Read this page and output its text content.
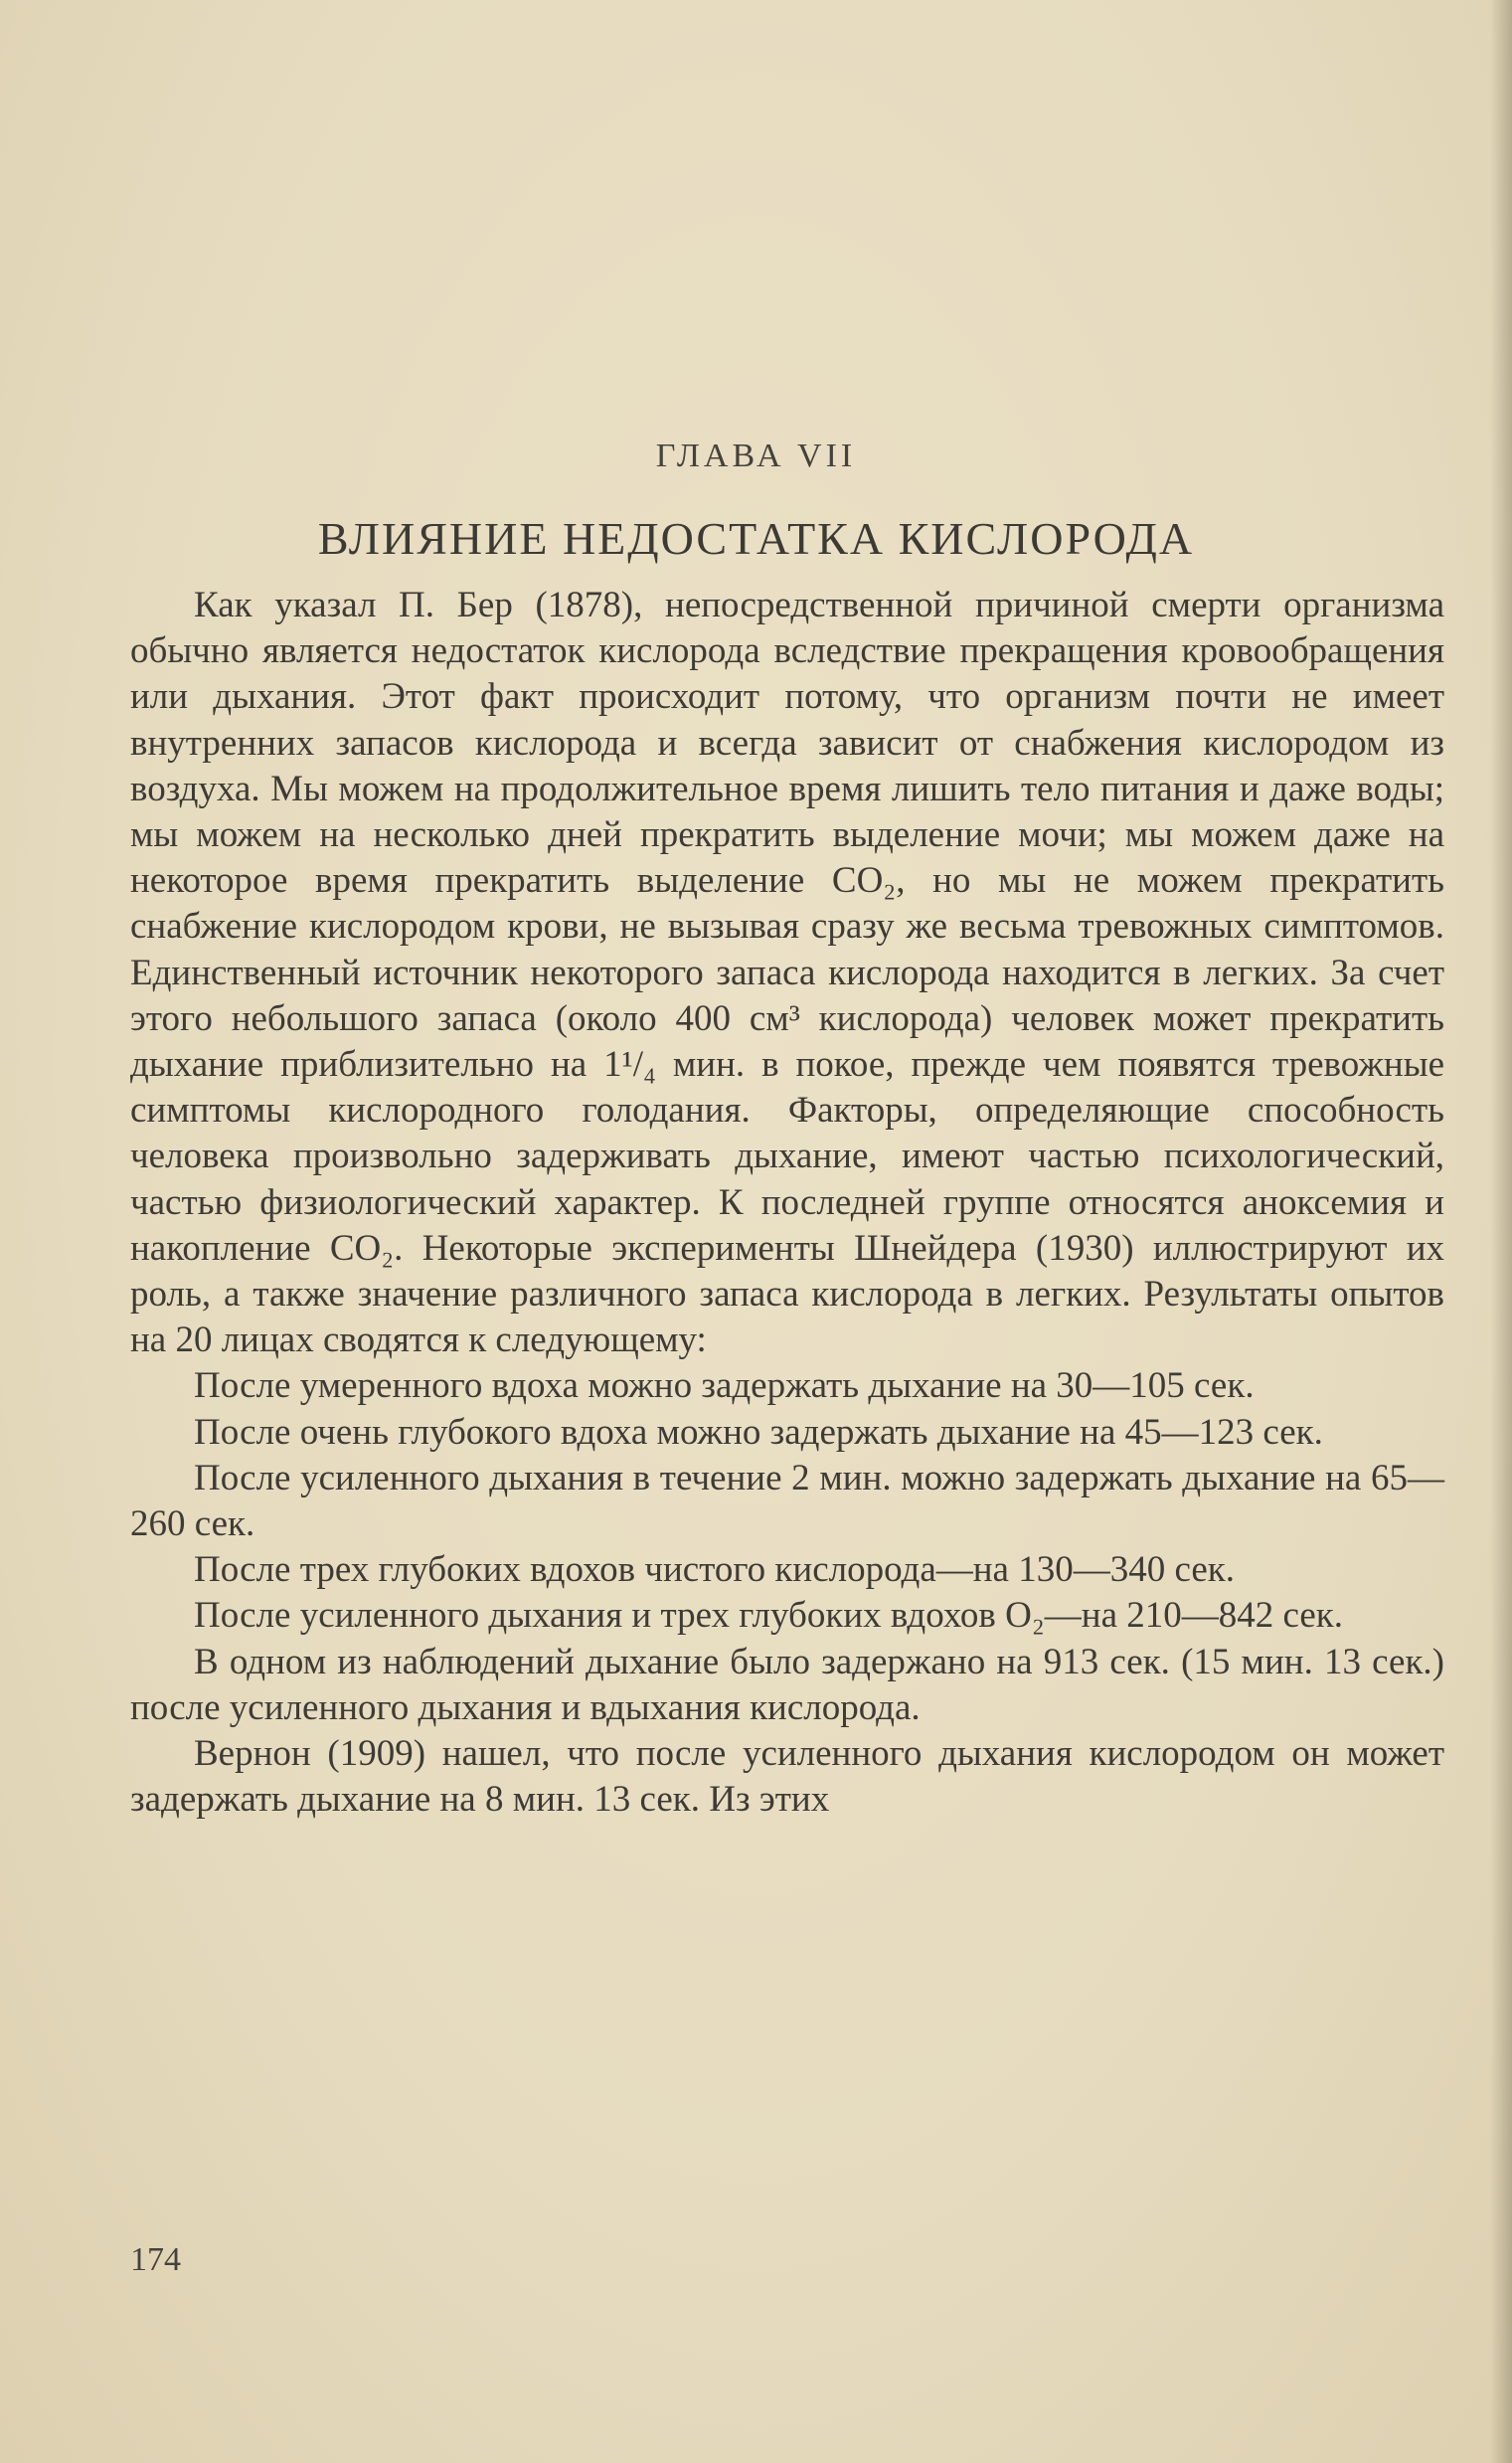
ГЛАВА VII
ВЛИЯНИЕ НЕДОСТАТКА КИСЛОРОДА

Как указал П. Бер (1878), непосредственной причиной смерти организма обычно является недостаток кислорода вследствие прекращения кровообращения или дыхания. Этот факт происходит потому, что организм почти не имеет внутренних запасов кислорода и всегда зависит от снабжения кислородом из воздуха. Мы можем на продолжительное время лишить тело питания и даже воды; мы можем на несколько дней прекратить выделение мочи; мы можем даже на некоторое время прекратить выделение CO₂, но мы не можем прекратить снабжение кислородом крови, не вызывая сразу же весьма тревожных симптомов. Единственный источник некоторого запаса кислорода находится в легких. За счет этого небольшого запаса (около 400 см³ кислорода) человек может прекратить дыхание приблизительно на 1¹/₄ мин. в покое, прежде чем появятся тревожные симптомы кислородного голодания. Факторы, определяющие способность человека произвольно задерживать дыхание, имеют частью психологический, частью физиологический характер. К последней группе относятся аноксемия и накопление CO₂. Некоторые эксперименты Шнейдера (1930) иллюстрируют их роль, а также значение различного запаса кислорода в легких. Результаты опытов на 20 лицах сводятся к следующему:

После умеренного вдоха можно задержать дыхание на 30—105 сек.

После очень глубокого вдоха можно задержать дыхание на 45—123 сек.

После усиленного дыхания в течение 2 мин. можно задержать дыхание на 65—260 сек.

После трех глубоких вдохов чистого кислорода—на 130—340 сек.

После усиленного дыхания и трех глубоких вдохов O₂—на 210—842 сек.

В одном из наблюдений дыхание было задержано на 913 сек. (15 мин. 13 сек.) после усиленного дыхания и вдыхания кислорода.

Вернон (1909) нашел, что после усиленного дыхания кислородом он может задержать дыхание на 8 мин. 13 сек. Из этих

174
